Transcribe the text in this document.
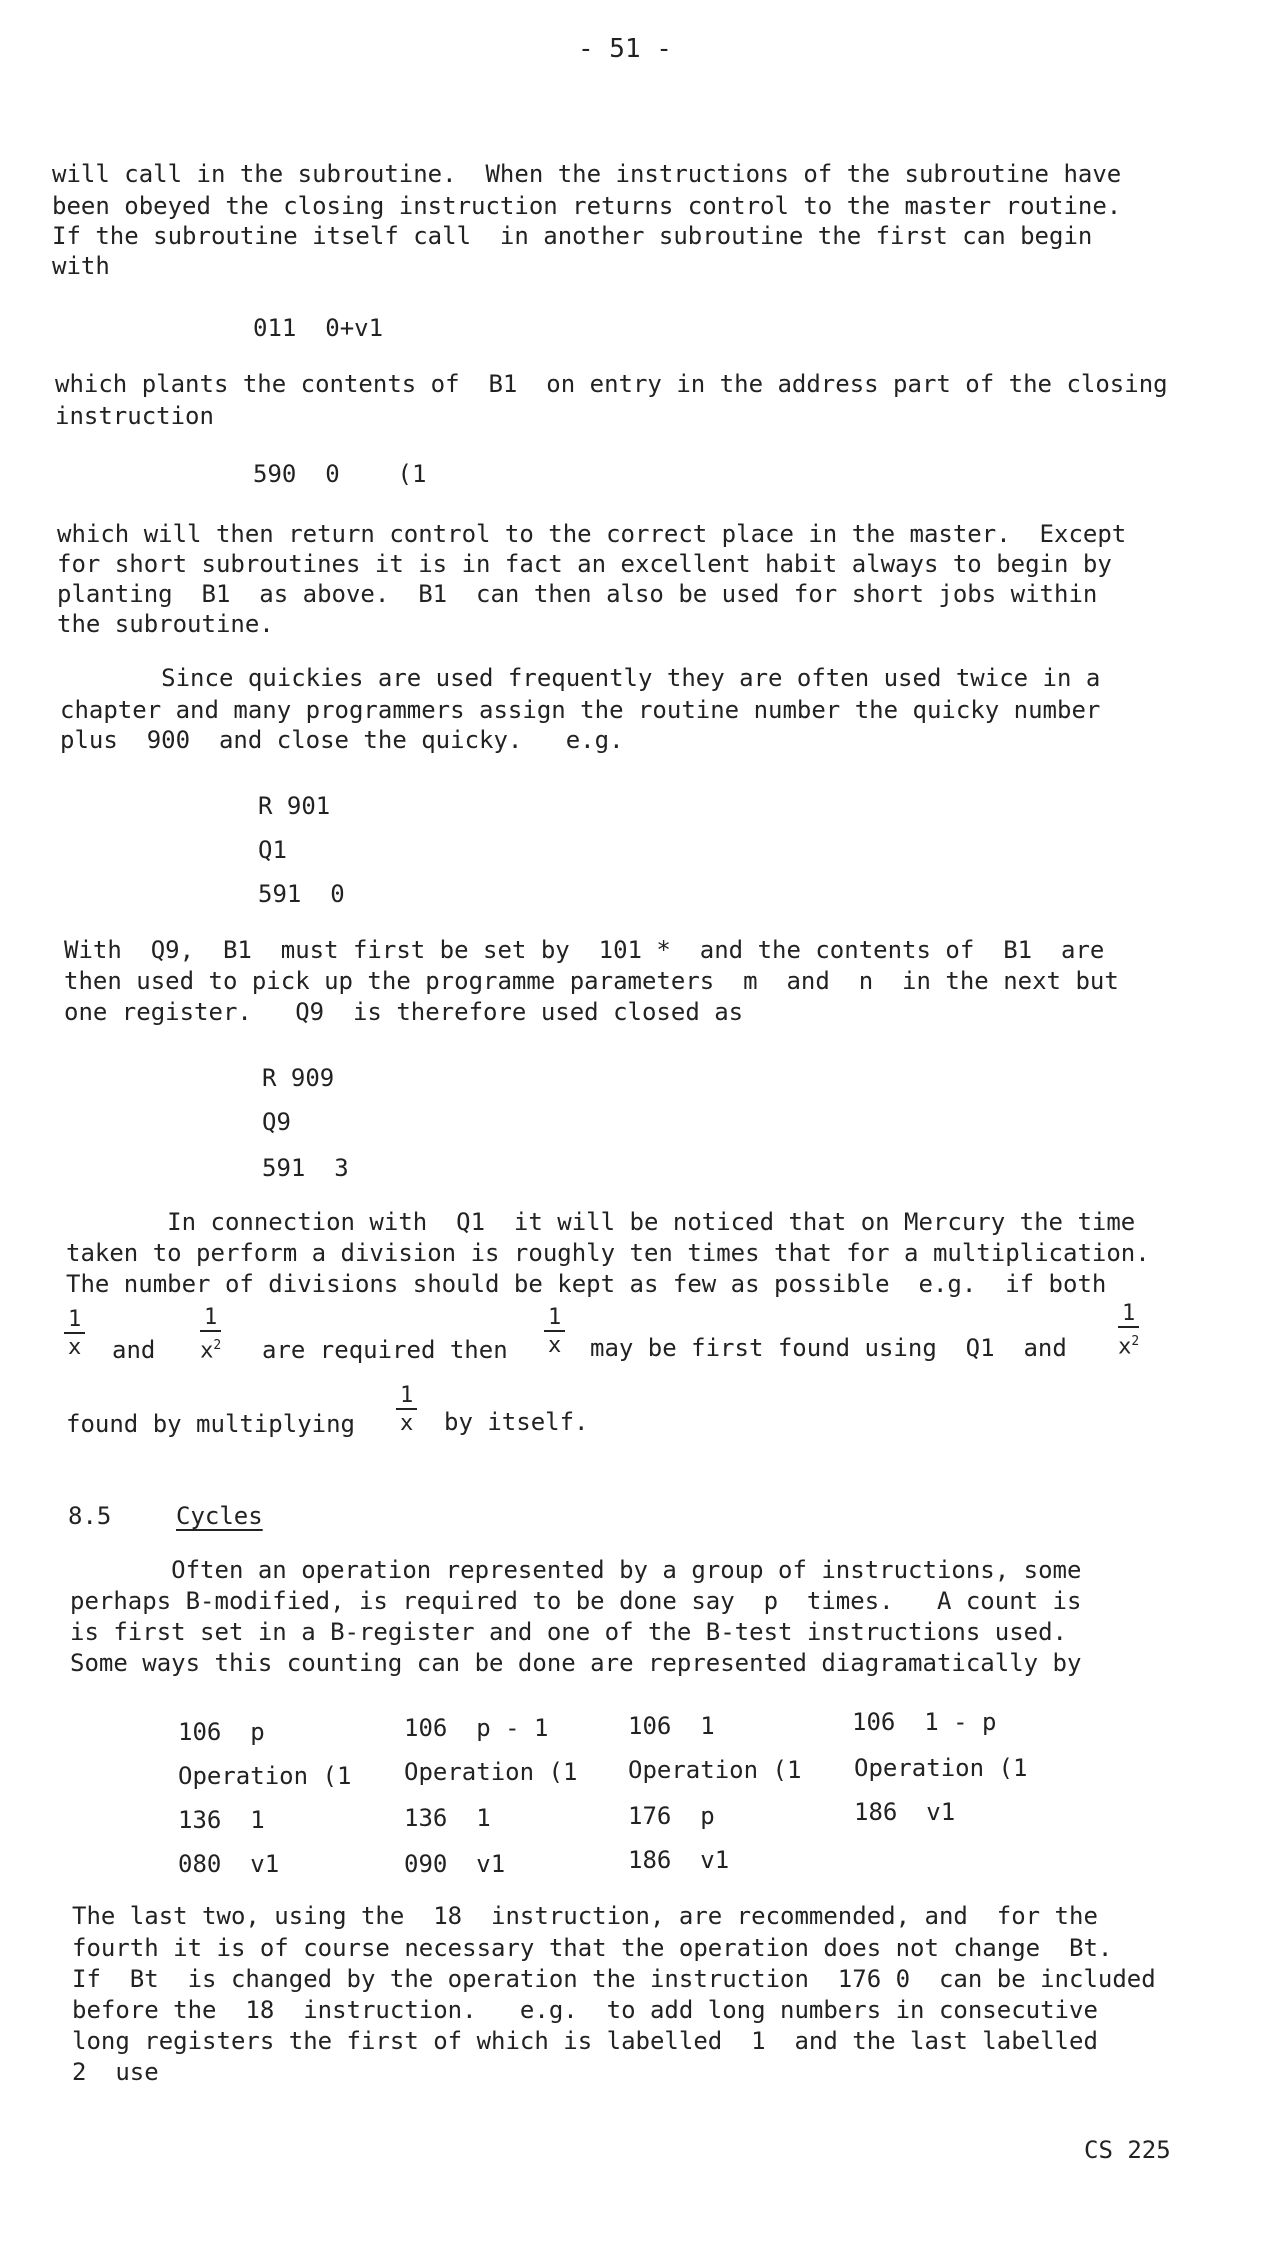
- 51 -
will call in the subroutine.  When the instructions of the subroutine have
been obeyed the closing instruction returns control to the master routine.
If the subroutine itself call  in another subroutine the first can begin
with
011  0+v1
which plants the contents of  B1  on entry in the address part of the closing
instruction
590  0    (1
which will then return control to the correct place in the master.  Except
for short subroutines it is in fact an excellent habit always to begin by
planting  B1  as above.  B1  can then also be used for short jobs within
the subroutine.
Since quickies are used frequently they are often used twice in a
chapter and many programmers assign the routine number the quicky number
plus  900  and close the quicky.   e.g.
R 901
Q1
591  0
With  Q9,  B1  must first be set by  101 *  and the contents of  B1  are
then used to pick up the programme parameters  m  and  n  in the next but
one register.   Q9  is therefore used closed as
R 909
Q9
591  3
In connection with  Q1  it will be noticed that on Mercury the time
taken to perform a division is roughly ten times that for a multiplication.
The number of divisions should be kept as few as possible  e.g.  if both
$\frac{1}{x}$ and $\frac{1}{x^2}$ are required then $\frac{1}{x}$ may be first found using  Q1  and $\frac{1}{x^2}$
found by multiplying $\frac{1}{x}$ by itself.
8.5	Cycles
Often an operation represented by a group of instructions, some
perhaps B-modified, is required to be done say  p  times.   A count is
is first set in a B-register and one of the B-test instructions used.
Some ways this counting can be done are represented diagramatically by
106  p
Operation (1
136  1
080  v1
106  p - 1
Operation (1
136  1
090  v1
106  1
Operation (1
176  p
186  v1
106  1 - p
Operation (1
186  v1
The last two, using the  18  instruction, are recommended, and  for the
fourth it is of course necessary that the operation does not change  Bt.
If  Bt  is changed by the operation the instruction  176 0  can be included
before the  18  instruction.   e.g.  to add long numbers in consecutive
long registers the first of which is labelled  1  and the last labelled
2  use
CS 225
